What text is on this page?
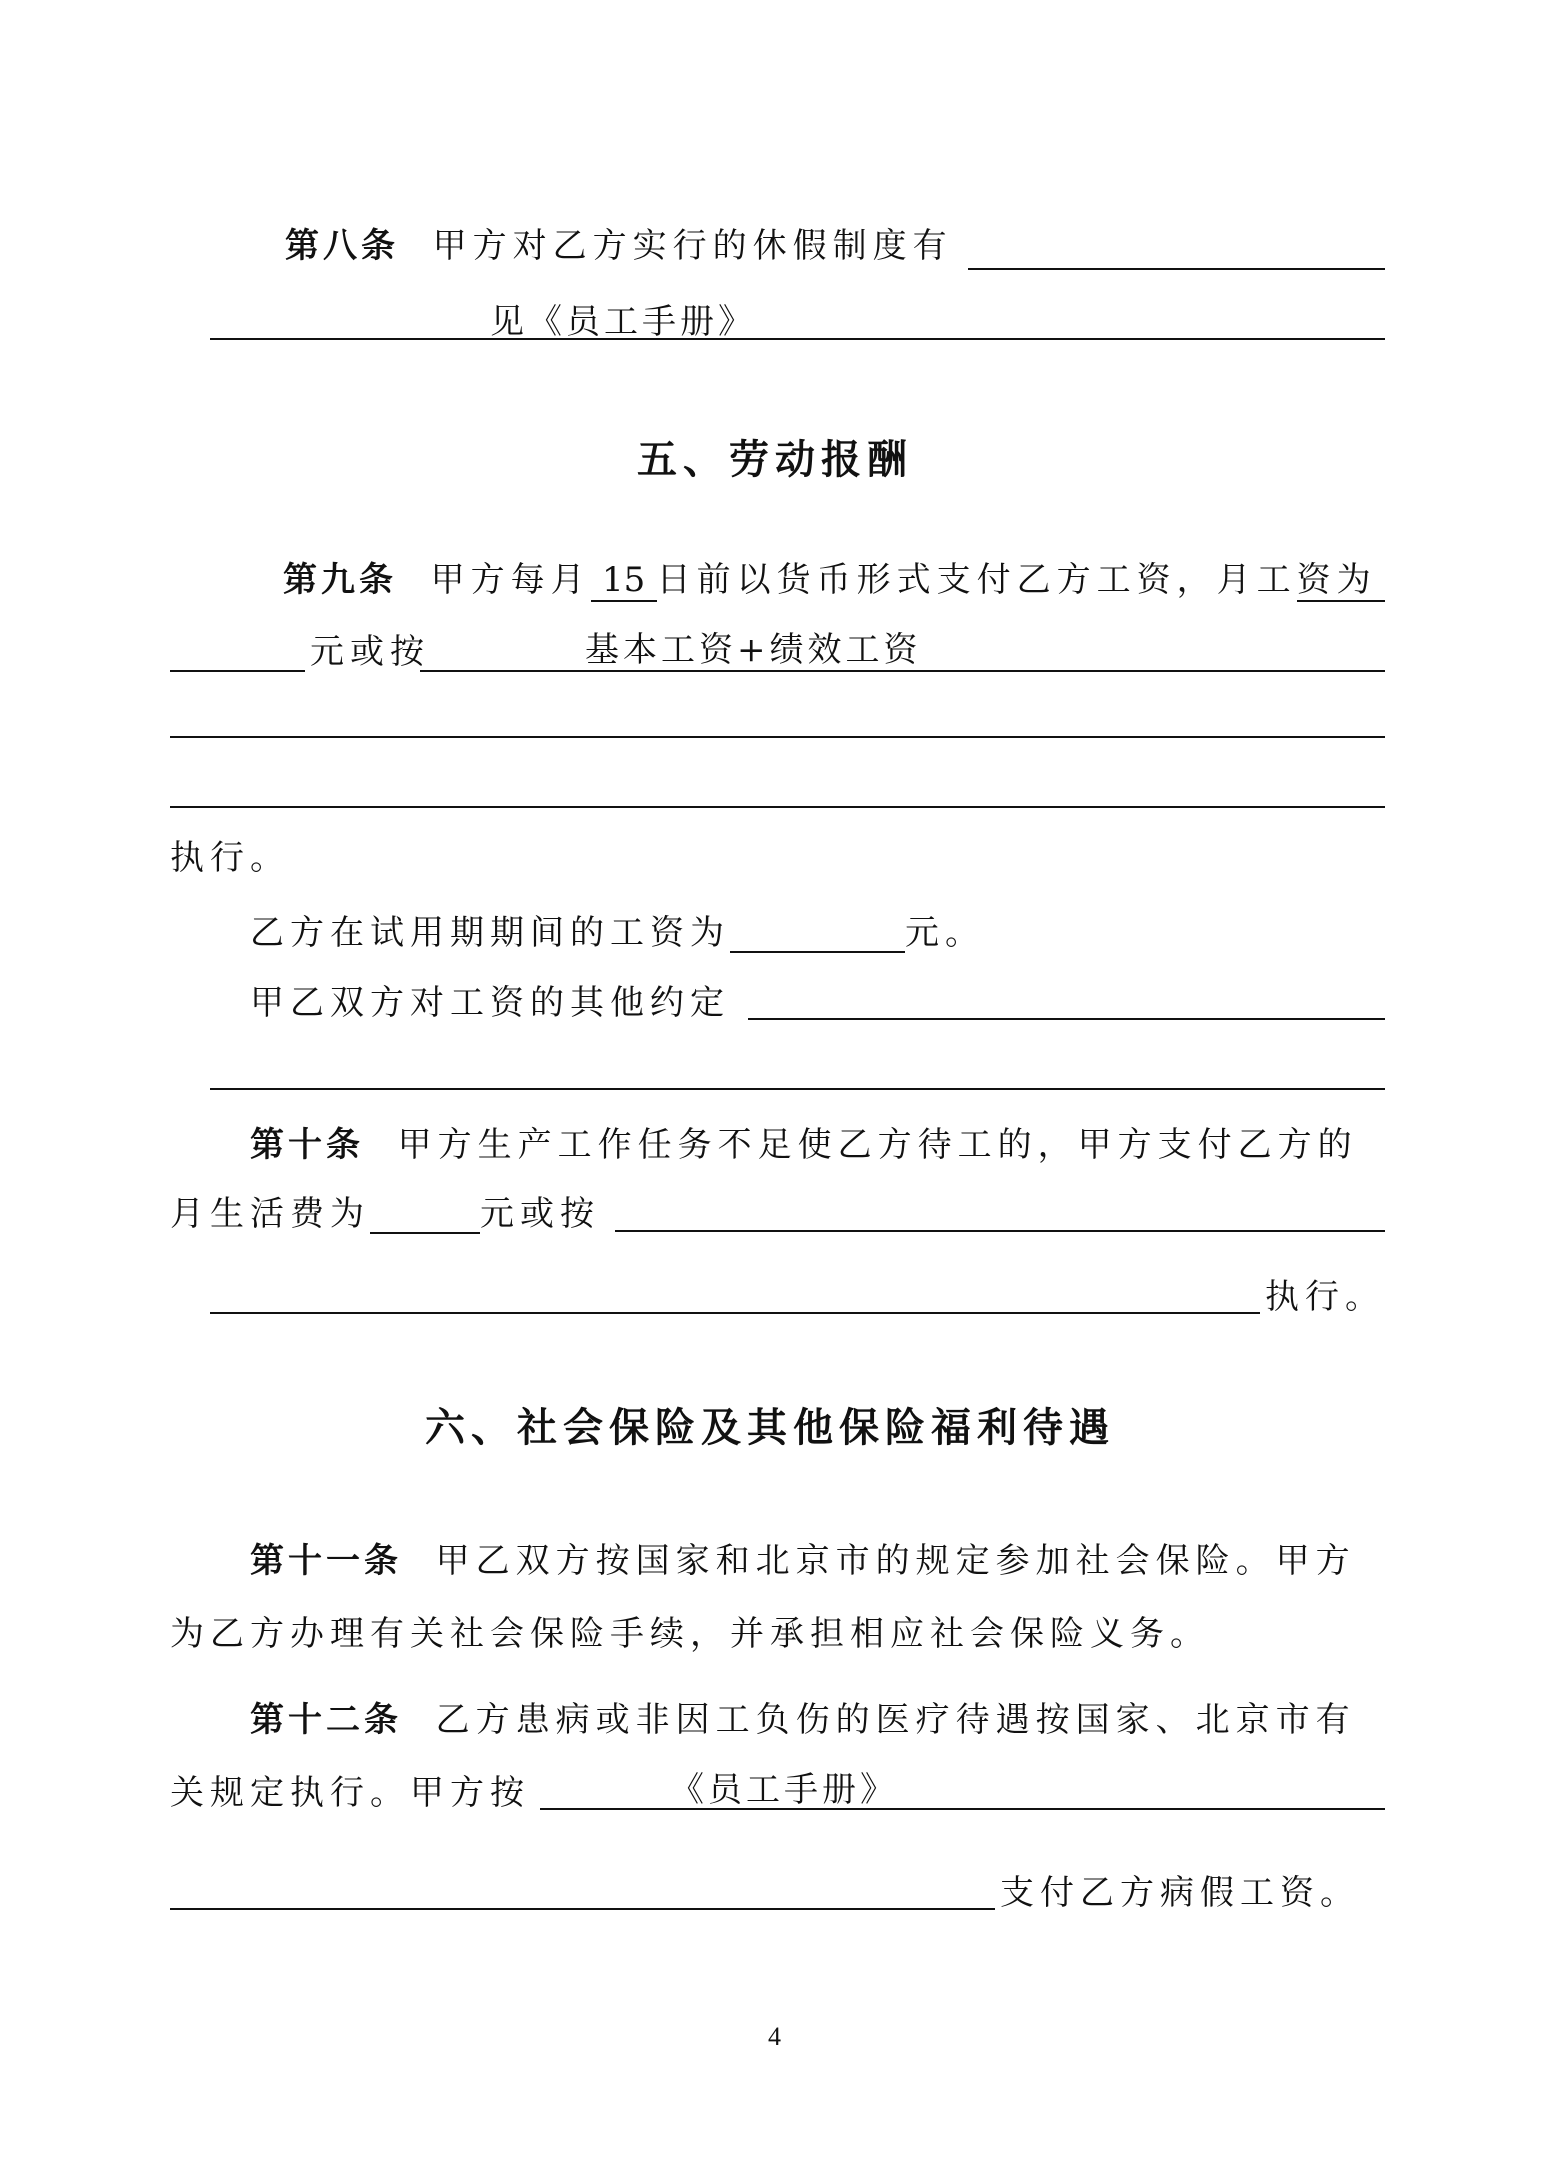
第八条 甲方对乙方实行的休假制度有
见《员工手册》
五、劳动报酬
第九条 甲方每月 15 日前以货币形式支付乙方工资，月工资为
元或按	基本工资+绩效工资
执行。
乙方在试用期期间的工资为	元。
甲乙双方对工资的其他约定
第十条 甲方生产工作任务不足使乙方待工的，甲方支付乙方的
月生活费为	元或按
执行。
六、社会保险及其他保险福利待遇
第十一条 甲乙双方按国家和北京市的规定参加社会保险。甲方
为乙方办理有关社会保险手续，并承担相应社会保险义务。
第十二条 乙方患病或非因工负伤的医疗待遇按国家、北京市有
关规定执行。甲方按	《员工手册》
支付乙方病假工资。
4
